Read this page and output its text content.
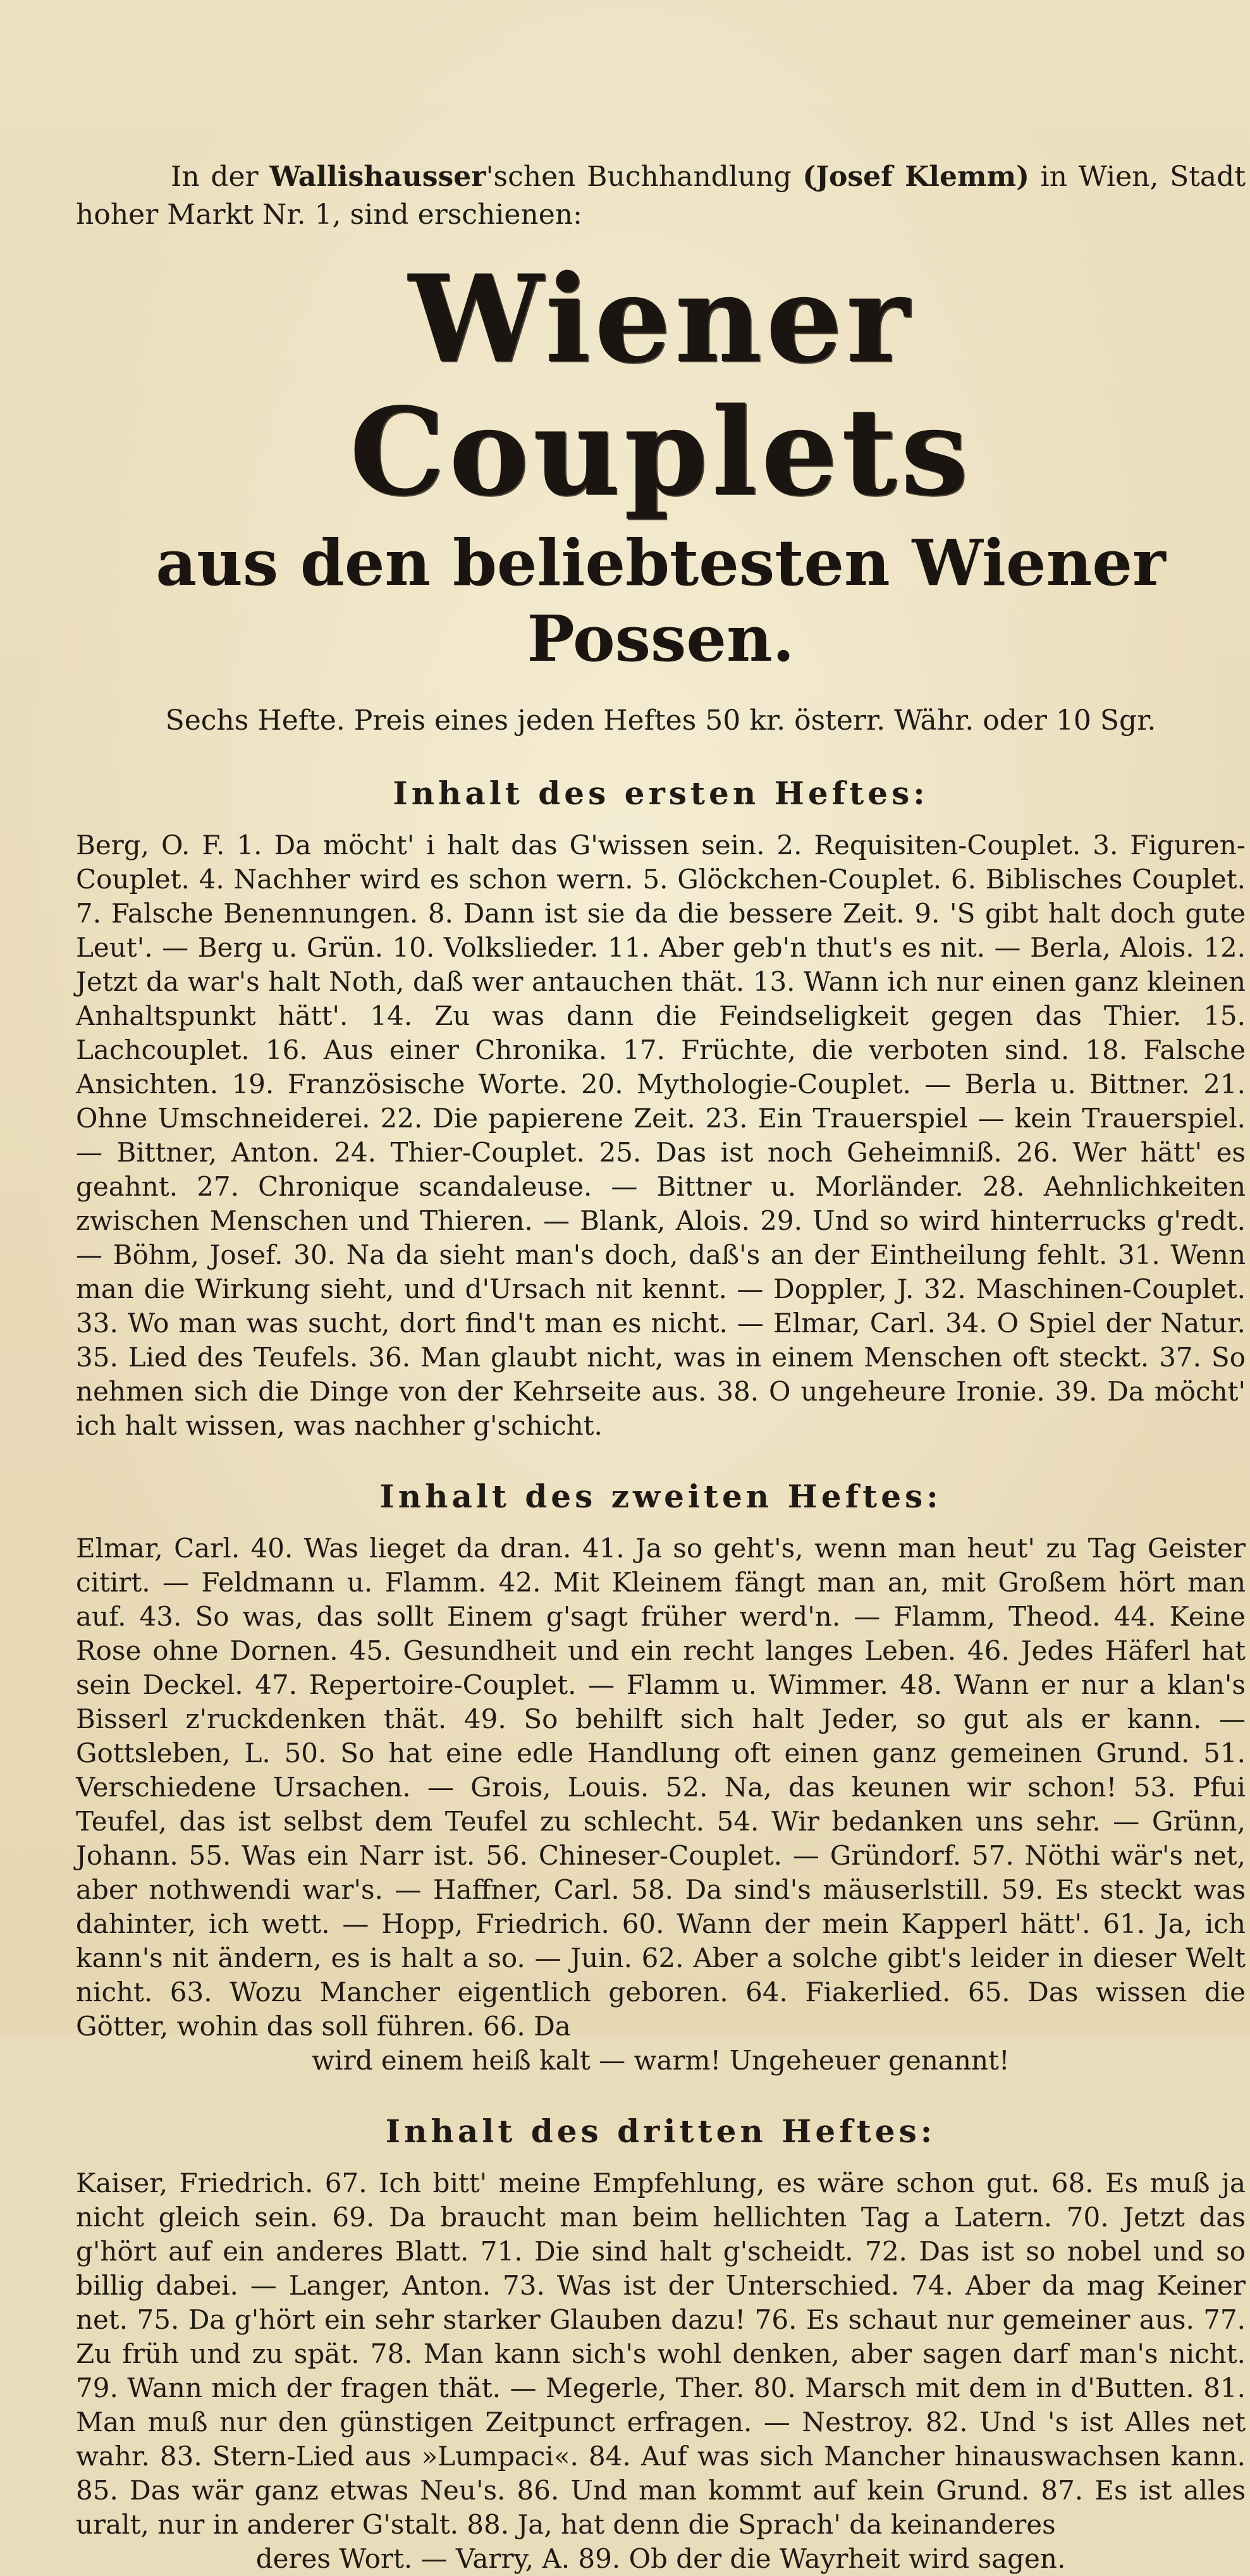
In der Wallishausser'schen Buchhandlung (Josef Klemm) in Wien, Stadt hoher Markt Nr. 1, sind erschienen:

Wiener Couplets
aus den beliebtesten Wiener Possen.

Sechs Hefte. Preis eines jeden Heftes 50 kr. österr. Währ. oder 10 Sgr.

Inhalt des ersten Heftes:

Berg, O. F. 1. Da möcht' i halt das G'wissen sein. 2. Requisiten-Couplet. 3. Figuren-Couplet. 4. Nachher wird es schon wern. 5. Glöckchen-Couplet. 6. Biblisches Couplet. 7. Falsche Benennungen. 8. Dann ist sie da die bessere Zeit. 9. 'S gibt halt doch gute Leut'. — Berg u. Grün. 10. Volkslieder. 11. Aber geb'n thut's es nit. — Berla, Alois. 12. Jetzt da war's halt Noth, daß wer antauchen thät. 13. Wann ich nur einen ganz kleinen Anhaltspunkt hätt'. 14. Zu was dann die Feindseligkeit gegen das Thier. 15. Lachcouplet. 16. Aus einer Chronika. 17. Früchte, die verboten sind. 18. Falsche Ansichten. 19. Französische Worte. 20. Mythologie-Couplet. — Berla u. Bittner. 21. Ohne Umschneiderei. 22. Die papierene Zeit. 23. Ein Trauerspiel — kein Trauerspiel. — Bittner, Anton. 24. Thier-Couplet. 25. Das ist noch Geheimniß. 26. Wer hätt' es geahnt. 27. Chronique scandaleuse. — Bittner u. Morländer. 28. Aehnlichkeiten zwischen Menschen und Thieren. — Blank, Alois. 29. Und so wird hinterrucks g'redt. — Böhm, Josef. 30. Na da sieht man's doch, daß's an der Eintheilung fehlt. 31. Wenn man die Wirkung sieht, und d'Ursach nit kennt. — Doppler, J. 32. Maschinen-Couplet. 33. Wo man was sucht, dort find't man es nicht. — Elmar, Carl. 34. O Spiel der Natur. 35. Lied des Teufels. 36. Man glaubt nicht, was in einem Menschen oft steckt. 37. So nehmen sich die Dinge von der Kehrseite aus. 38. O ungeheure Ironie. 39. Da möcht' ich halt wissen, was nachher g'schicht.

Inhalt des zweiten Heftes:

Elmar, Carl. 40. Was lieget da dran. 41. Ja so geht's, wenn man heut' zu Tag Geister citirt. — Feldmann u. Flamm. 42. Mit Kleinem fängt man an, mit Großem hört man auf. 43. So was, das sollt Einem g'sagt früher werd'n. — Flamm, Theod. 44. Keine Rose ohne Dornen. 45. Gesundheit und ein recht langes Leben. 46. Jedes Häferl hat sein Deckel. 47. Repertoire-Couplet. — Flamm u. Wimmer. 48. Wann er nur a klan's Bisserl z'ruckdenken thät. 49. So behilft sich halt Jeder, so gut als er kann. — Gottsleben, L. 50. So hat eine edle Handlung oft einen ganz gemeinen Grund. 51. Verschiedene Ursachen. — Grois, Louis. 52. Na, das keunen wir schon! 53. Pfui Teufel, das ist selbst dem Teufel zu schlecht. 54. Wir bedanken uns sehr. — Grünn, Johann. 55. Was ein Narr ist. 56. Chineser-Couplet. — Gründorf. 57. Nöthi wär's net, aber nothwendi war's. — Haffner, Carl. 58. Da sind's mäuserlstill. 59. Es steckt was dahinter, ich wett. — Hopp, Friedrich. 60. Wann der mein Kapperl hätt'. 61. Ja, ich kann's nit ändern, es is halt a so. — Juin. 62. Aber a solche gibt's leider in dieser Welt nicht. 63. Wozu Mancher eigentlich geboren. 64. Fiakerlied. 65. Das wissen die Götter, wohin das soll führen. 66. Da
wird einem heiß kalt — warm! Ungeheuer genannt!

Inhalt des dritten Heftes:

Kaiser, Friedrich. 67. Ich bitt' meine Empfehlung, es wäre schon gut. 68. Es muß ja nicht gleich sein. 69. Da braucht man beim hellichten Tag a Latern. 70. Jetzt das g'hört auf ein anderes Blatt. 71. Die sind halt g'scheidt. 72. Das ist so nobel und so billig dabei. — Langer, Anton. 73. Was ist der Unterschied. 74. Aber da mag Keiner net. 75. Da g'hört ein sehr starker Glauben dazu! 76. Es schaut nur gemeiner aus. 77. Zu früh und zu spät. 78. Man kann sich's wohl denken, aber sagen darf man's nicht. 79. Wann mich der fragen thät. — Megerle, Ther. 80. Marsch mit dem in d'Butten. 81. Man muß nur den günstigen Zeitpunct erfragen. — Nestroy. 82. Und 's ist Alles net wahr. 83. Stern-Lied aus »Lumpaci«. 84. Auf was sich Mancher hinauswachsen kann. 85. Das wär ganz etwas Neu's. 86. Und man kommt auf kein Grund. 87. Es ist alles uralt, nur in anderer G'stalt. 88. Ja, hat denn die Sprach' da keinanderes
deres Wort. — Varry, A. 89. Ob der die Wayrheit wird sagen.
